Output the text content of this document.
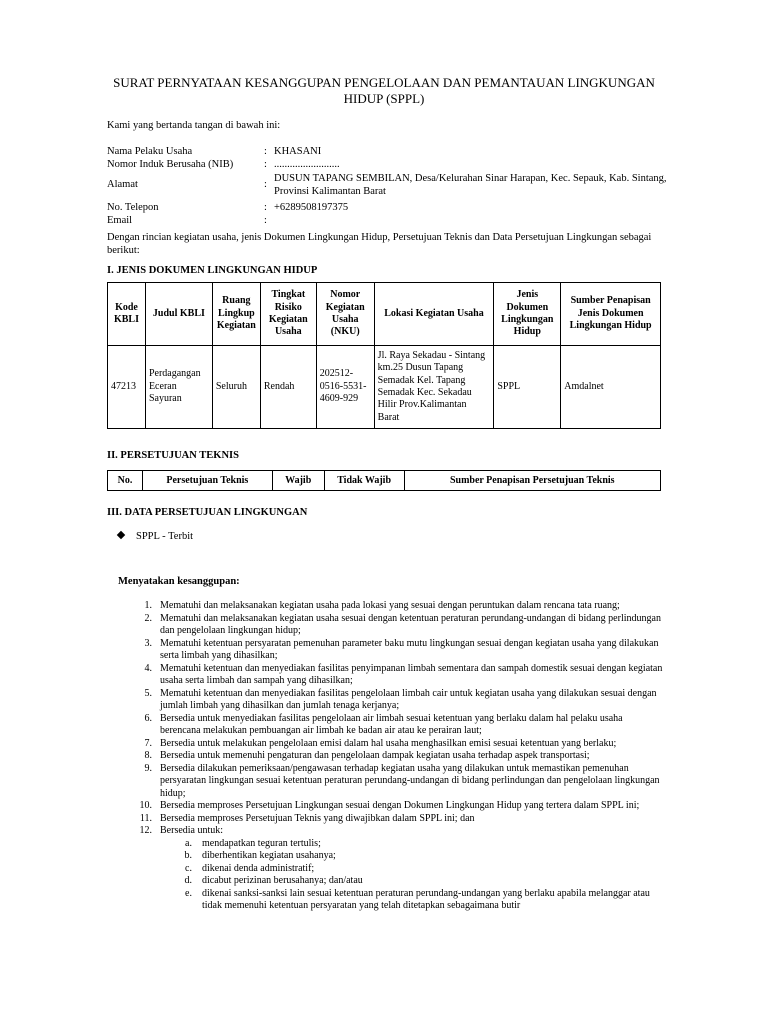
SURAT PERNYATAAN KESANGGUPAN PENGELOLAAN DAN PEMANTAUAN LINGKUNGAN HIDUP (SPPL)
Kami yang bertanda tangan di bawah ini:
Nama Pelaku Usaha	: KHASANI
Nomor Induk Berusaha (NIB)	: .........................
Alamat	:
DUSUN TAPANG SEMBILAN, Desa/Kelurahan Sinar Harapan, Kec. Sepauk, Kab. Sintang, Provinsi Kalimantan Barat
No. Telepon	: +6289508197375
Email	:
Dengan rincian kegiatan usaha, jenis Dokumen Lingkungan Hidup, Persetujuan Teknis dan Data Persetujuan Lingkungan sebagai berikut:
I. JENIS DOKUMEN LINGKUNGAN HIDUP
Kode KBLI	Judul KBLI	Ruang Lingkup Kegiatan	Tingkat Risiko Kegiatan Usaha	Nomor Kegiatan Usaha (NKU)	Lokasi Kegiatan Usaha	Jenis Dokumen Lingkungan Hidup	Sumber Penapisan Jenis Dokumen Lingkungan Hidup
47213	Perdagangan Eceran Sayuran	Seluruh	Rendah	202512-0516-5531-4609-929	Jl. Raya Sekadau - Sintang km.25 Dusun Tapang Semadak Kel. Tapang Semadak Kec. Sekadau Hilir Prov.Kalimantan Barat	SPPL	Amdalnet
II. PERSETUJUAN TEKNIS
No.	Persetujuan Teknis	Wajib	Tidak Wajib	Sumber Penapisan Persetujuan Teknis
III. DATA PERSETUJUAN LINGKUNGAN
SPPL - Terbit
Menyatakan kesanggupan:
1. Mematuhi dan melaksanakan kegiatan usaha pada lokasi yang sesuai dengan peruntukan dalam rencana tata ruang;
2. Mematuhi dan melaksanakan kegiatan usaha sesuai dengan ketentuan peraturan perundang-undangan di bidang perlindungan dan pengelolaan lingkungan hidup;
3. Mematuhi ketentuan persyaratan pemenuhan parameter baku mutu lingkungan sesuai dengan kegiatan usaha yang dilakukan serta limbah yang dihasilkan;
4. Mematuhi ketentuan dan menyediakan fasilitas penyimpanan limbah sementara dan sampah domestik sesuai dengan kegiatan usaha serta limbah dan sampah yang dihasilkan;
5. Mematuhi ketentuan dan menyediakan fasilitas pengelolaan limbah cair untuk kegiatan usaha yang dilakukan sesuai dengan jumlah limbah yang dihasilkan dan jumlah tenaga kerjanya;
6. Bersedia untuk menyediakan fasilitas pengelolaan air limbah sesuai ketentuan yang berlaku dalam hal pelaku usaha berencana melakukan pembuangan air limbah ke badan air atau ke perairan laut;
7. Bersedia untuk melakukan pengelolaan emisi dalam hal usaha menghasilkan emisi sesuai ketentuan yang berlaku;
8. Bersedia untuk memenuhi pengaturan dan pengelolaan dampak kegiatan usaha terhadap aspek transportasi;
9. Bersedia dilakukan pemeriksaan/pengawasan terhadap kegiatan usaha yang dilakukan untuk memastikan pemenuhan persyaratan lingkungan sesuai ketentuan peraturan perundang-undangan di bidang perlindungan dan pengelolaan lingkungan hidup;
10. Bersedia memproses Persetujuan Lingkungan sesuai dengan Dokumen Lingkungan Hidup yang tertera dalam SPPL ini;
11. Bersedia memproses Persetujuan Teknis yang diwajibkan dalam SPPL ini; dan
12. Bersedia untuk:
a. mendapatkan teguran tertulis;
b. diberhentikan kegiatan usahanya;
c. dikenai denda administratif;
d. dicabut perizinan berusahanya; dan/atau
e. dikenai sanksi-sanksi lain sesuai ketentuan peraturan perundang-undangan yang berlaku apabila melanggar atau tidak memenuhi ketentuan persyaratan yang telah ditetapkan sebagaimana butir
